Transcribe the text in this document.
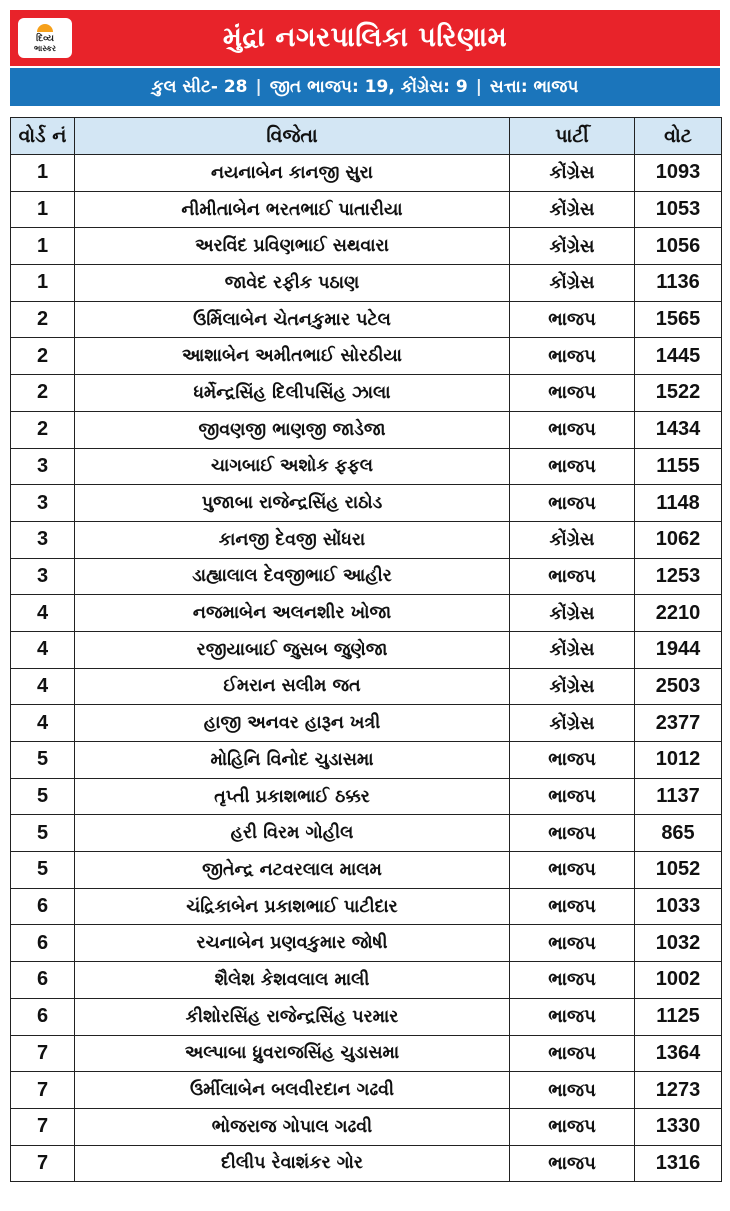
દિવ્ય
ભાસ્કર	મુંદ્રા નગરપાલિકા પરિણામ
કુલ સીટ- 28 | જીત ભાજપ: 19, કોંગ્રેસ: 9 | સત્તા: ભાજપ
વોર્ડ નં	વિજેતા	પાર્ટી	વોટ
1	નયનાબેન કાનજી સુરા	કોંગ્રેસ	1093
1	નીમીતાબેન ભરતભાઈ પાતારીયા	કોંગ્રેસ	1053
1	અરવિંદ પ્રવિણભાઈ સથવારા	કોંગ્રેસ	1056
1	જાવેદ રફીક પઠાણ	કોંગ્રેસ	1136
2	ઉર્મિલાબેન ચેતનકુમાર પટેલ	ભાજપ	1565
2	આશાબેન અમીતભાઈ સોરઠીયા	ભાજપ	1445
2	ધર્મેન્દ્રસિંહ દિલીપસિંહ ઝાલા	ભાજપ	1522
2	જીવણજી ભાણજી જાડેજા	ભાજપ	1434
3	ચાગબાઈ અશોક ફફલ	ભાજપ	1155
3	પુજાબા રાજેન્દ્રસિંહ રાઠોડ	ભાજપ	1148
3	કાનજી દેવજી સોંધરા	કોંગ્રેસ	1062
3	ડાહ્યાલાલ દેવજીભાઈ આહીર	ભાજપ	1253
4	નજમાબેન અલનશીર ખોજા	કોંગ્રેસ	2210
4	રજીયાબાઈ જુસબ જુણેજા	કોંગ્રેસ	1944
4	ઈમરાન સલીમ જત	કોંગ્રેસ	2503
4	હાજી અનવર હારૂન ખત્રી	કોંગ્રેસ	2377
5	મોહિનિ વિનોદ ચુડાસમા	ભાજપ	1012
5	તૃપ્તી પ્રકાશભાઈ ઠક્કર	ભાજપ	1137
5	હરી વિરમ ગોહીલ	ભાજપ	865
5	જીતેન્દ્ર નટવરલાલ માલમ	ભાજપ	1052
6	ચંદ્રિકાબેન પ્રકાશભાઈ પાટીદાર	ભાજપ	1033
6	રચનાબેન પ્રણવકુમાર જોષી	ભાજપ	1032
6	શૈલેશ કેશવલાલ માલી	ભાજપ	1002
6	કીશોરસિંહ રાજેન્દ્રસિંહ પરમાર	ભાજપ	1125
7	અલ્પાબા ધ્રુવરાજસિંહ ચુડાસમા	ભાજપ	1364
7	ઉર્મીલાબેન બલવીરદાન ગઢવી	ભાજપ	1273
7	ભોજરાજ ગોપાલ ગઢવી	ભાજપ	1330
7	દીલીપ રેવાશંકર ગોર	ભાજપ	1316
